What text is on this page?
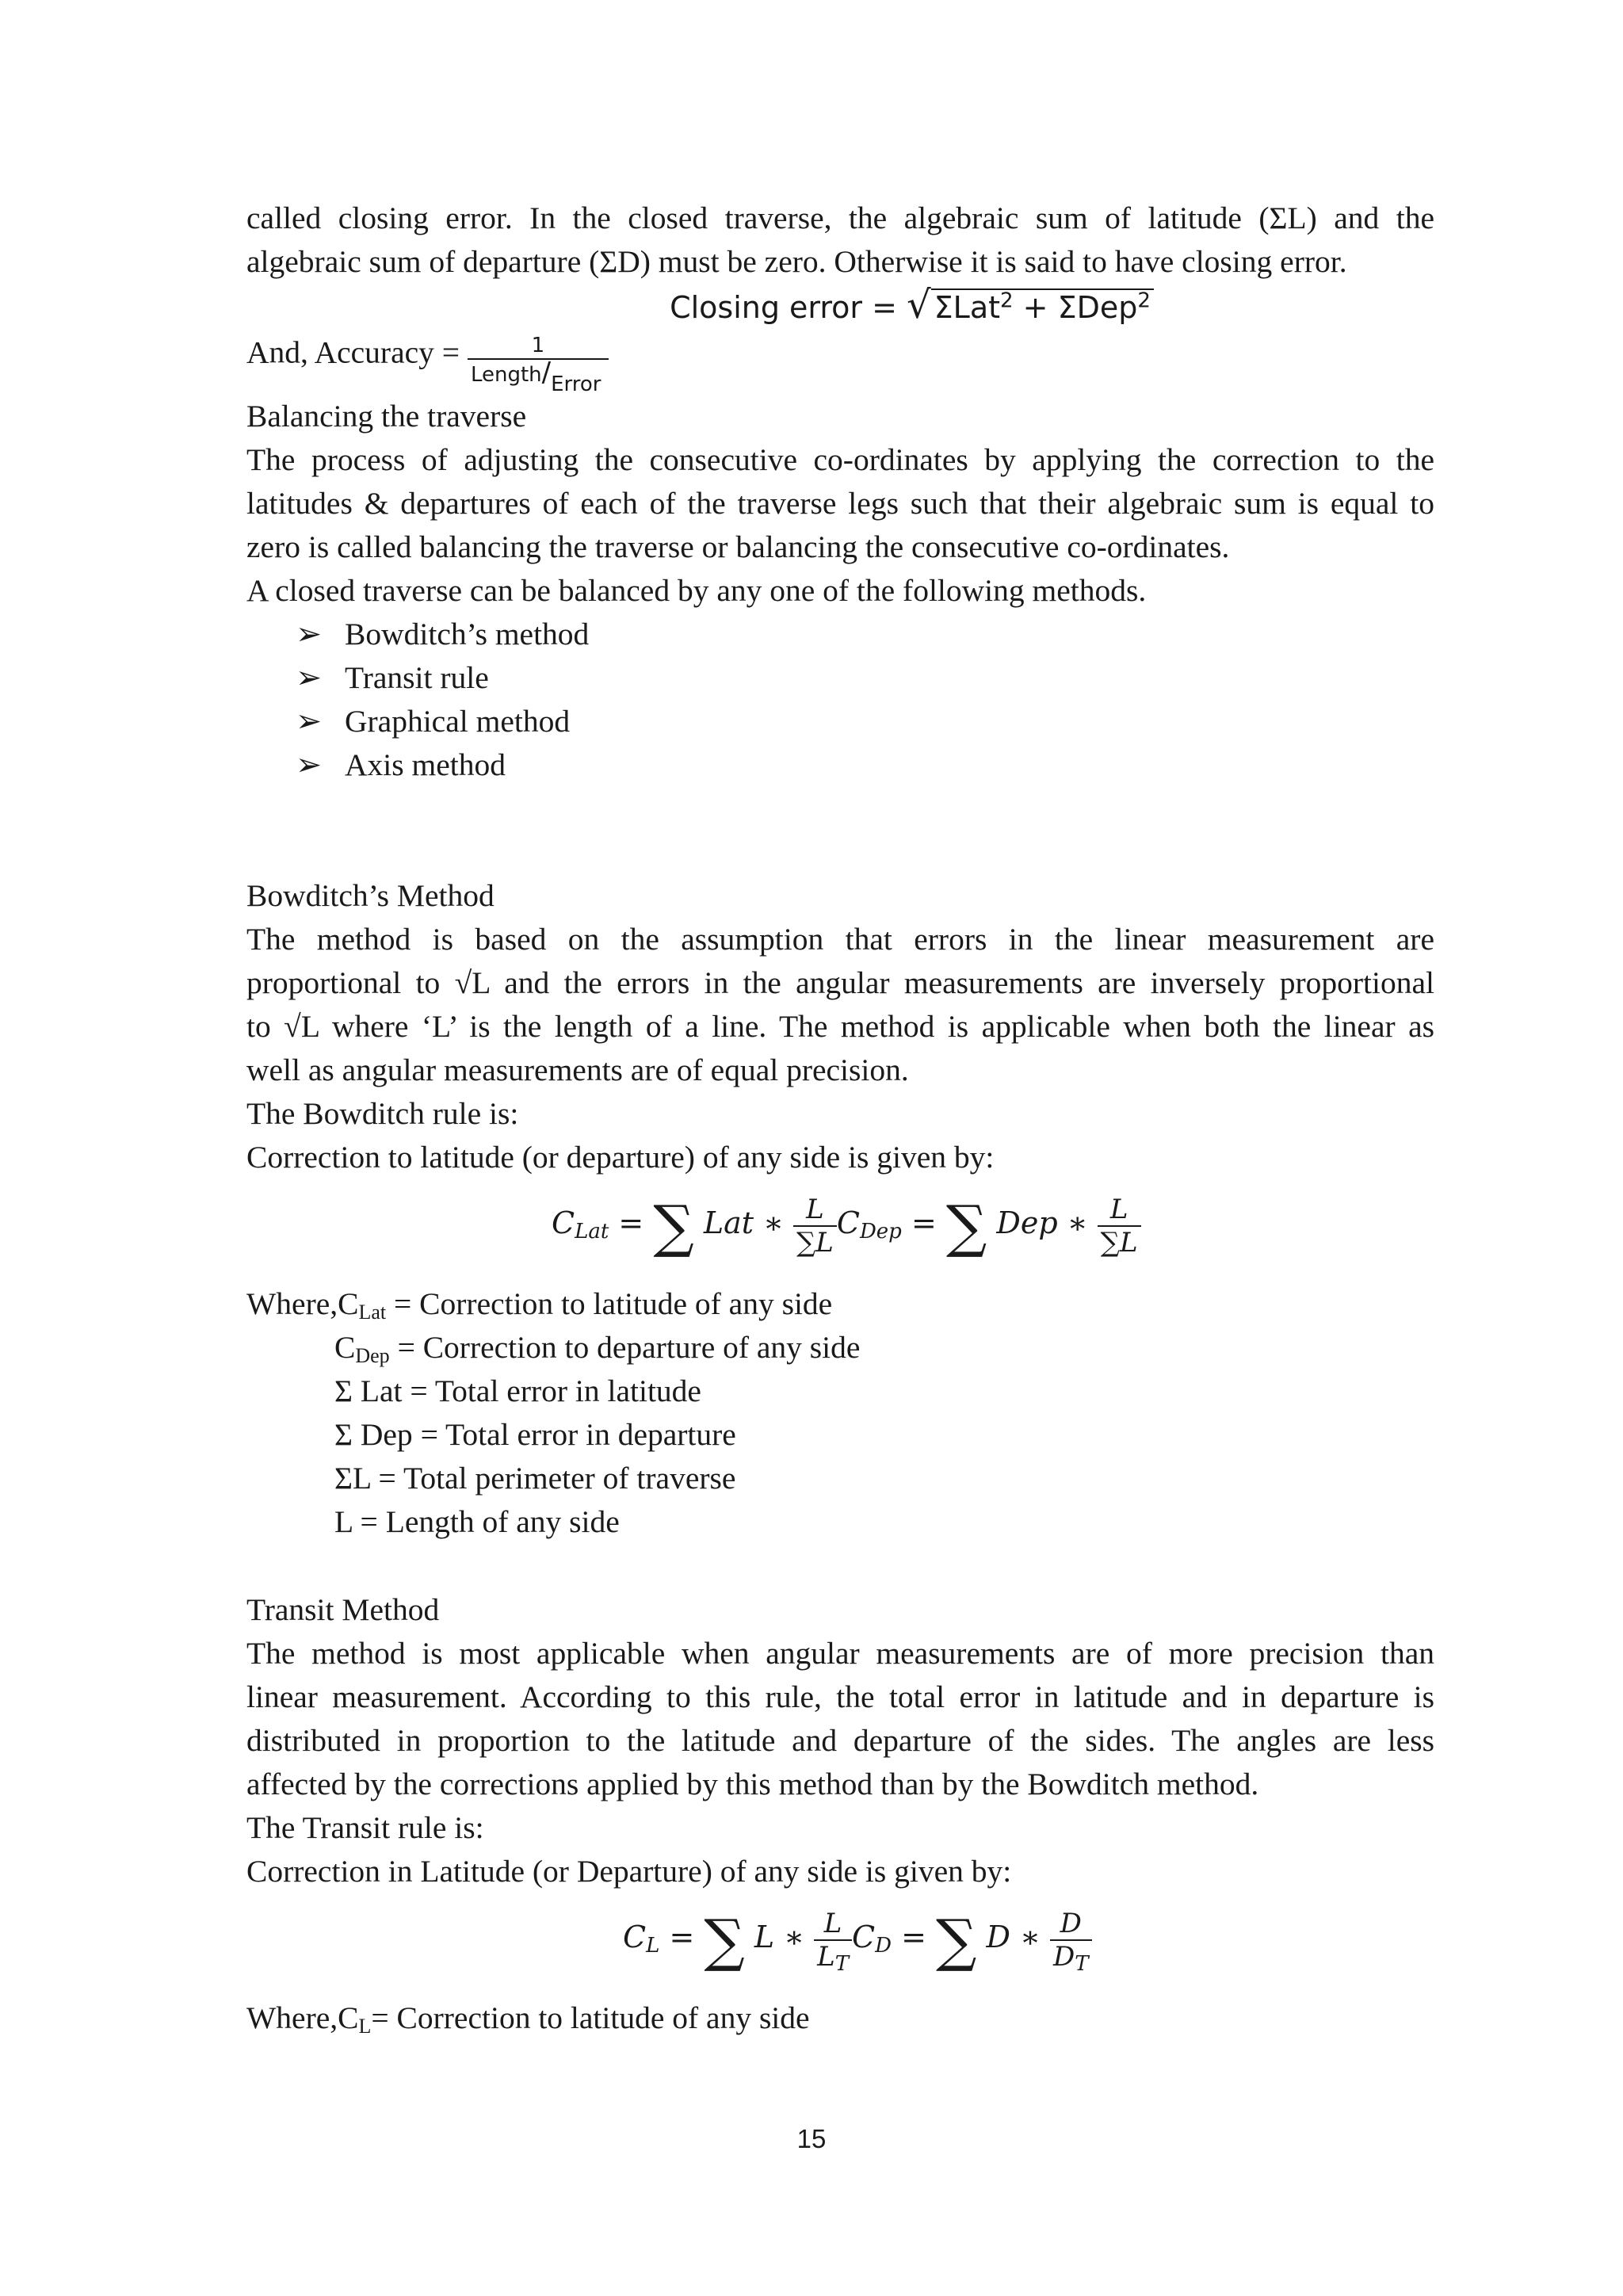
called closing error. In the closed traverse, the algebraic sum of latitude (ΣL) and the

algebraic sum of departure (ΣD) must be zero. Otherwise it is said to have closing error.

Closing error = √ ΣLat$^2$ + ΣDep$^2$

And, Accuracy = $\frac{1}{\text{Length/Error}}$

Balancing the traverse

The process of adjusting the consecutive co-ordinates by applying the correction to the

latitudes & departures of each of the traverse legs such that their algebraic sum is equal to

zero is called balancing the traverse or balancing the consecutive co-ordinates.

A closed traverse can be balanced by any one of the following methods.

➢ Bowditch’s method
➢ Transit rule
➢ Graphical method
➢ Axis method

Bowditch’s Method

The method is based on the assumption that errors in the linear measurement are

proportional to √L and the errors in the angular measurements are inversely proportional

to √L where ‘L’ is the length of a line. The method is applicable when both the linear as

well as angular measurements are of equal precision.

The Bowditch rule is:

Correction to latitude (or departure) of any side is given by:

$C_{Lat}$ = ∑ Lat ∗ $\frac{L}{\sum L} C_{Dep}$ = ∑ Dep ∗ $\frac{L}{\sum L}$

$Where,C_{Lat}$ = Correction to latitude of any side

$C_{Dep}$ = Correction to departure of any side

Σ Lat = Total error in latitude

Σ Dep = Total error in departure

ΣL = Total perimeter of traverse

L = Length of any side

Transit Method

The method is most applicable when angular measurements are of more precision than

linear measurement. According to this rule, the total error in latitude and in departure is

distributed in proportion to the latitude and departure of the sides. The angles are less

affected by the corrections applied by this method than by the Bowditch method.

The Transit rule is:

Correction in Latitude (or Departure) of any side is given by:

$C_L$ = ∑ L ∗ $\frac{L}{L_T} C_D$ = ∑ D ∗ $\frac{D}{D_T}$

$Where,C_L=$ Correction to latitude of any side

15
